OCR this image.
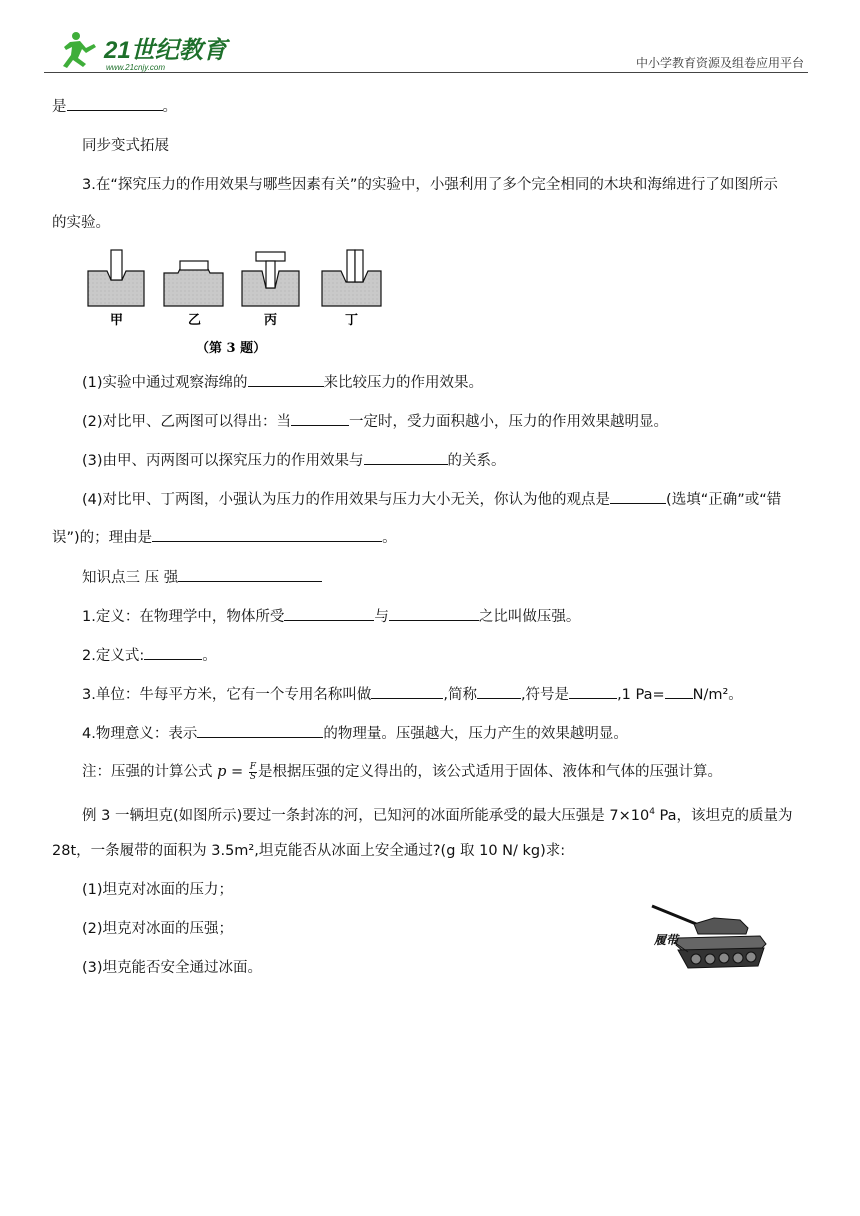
21世纪教育
www.21cnjy.com	中小学教育资源及组卷应用平台
是	。
同步变式拓展
3.在“探究压力的作用效果与哪些因素有关”的实验中，小强利用了多个完全相同的木块和海绵进行了如图所示
的实验。
甲	乙	丙	丁
（第 3 题）
(1)实验中通过观察海绵的	来比较压力的作用效果。
(2)对比甲、乙两图可以得出：当	一定时，受力面积越小，压力的作用效果越明显。
(3)由甲、丙两图可以探究压力的作用效果与	的关系。
(4)对比甲、丁两图，小强认为压力的作用效果与压力大小无关，你认为他的观点是	(选填“正确”或“错
误”)的；理由是	。
知识点三 压 强
1.定义：在物理学中，物体所受	与	之比叫做压强。
2.定义式:	。
3.单位：牛每平方米，它有一个专用名称叫做	,简称	,符号是	,1 Pa= N/m²。
4.物理意义：表示	的物理量。压强越大，压力产生的效果越明显。
注：压强的计算公式 $p = \frac{F}{S}$ 是根据压强的定义得出的，该公式适用于固体、液体和气体的压强计算。
例 3 一辆坦克(如图所示)要过一条封冻的河，已知河的冰面所能承受的最大压强是 $7\times 10^4$ Pa，该坦克的质量为
28t，一条履带的面积为 3.5m²,坦克能否从冰面上安全通过?(g 取 10 N/ kg)求:
(1)坦克对冰面的压力；
(2)坦克对冰面的压强；
(3)坦克能否安全通过冰面。
履带
